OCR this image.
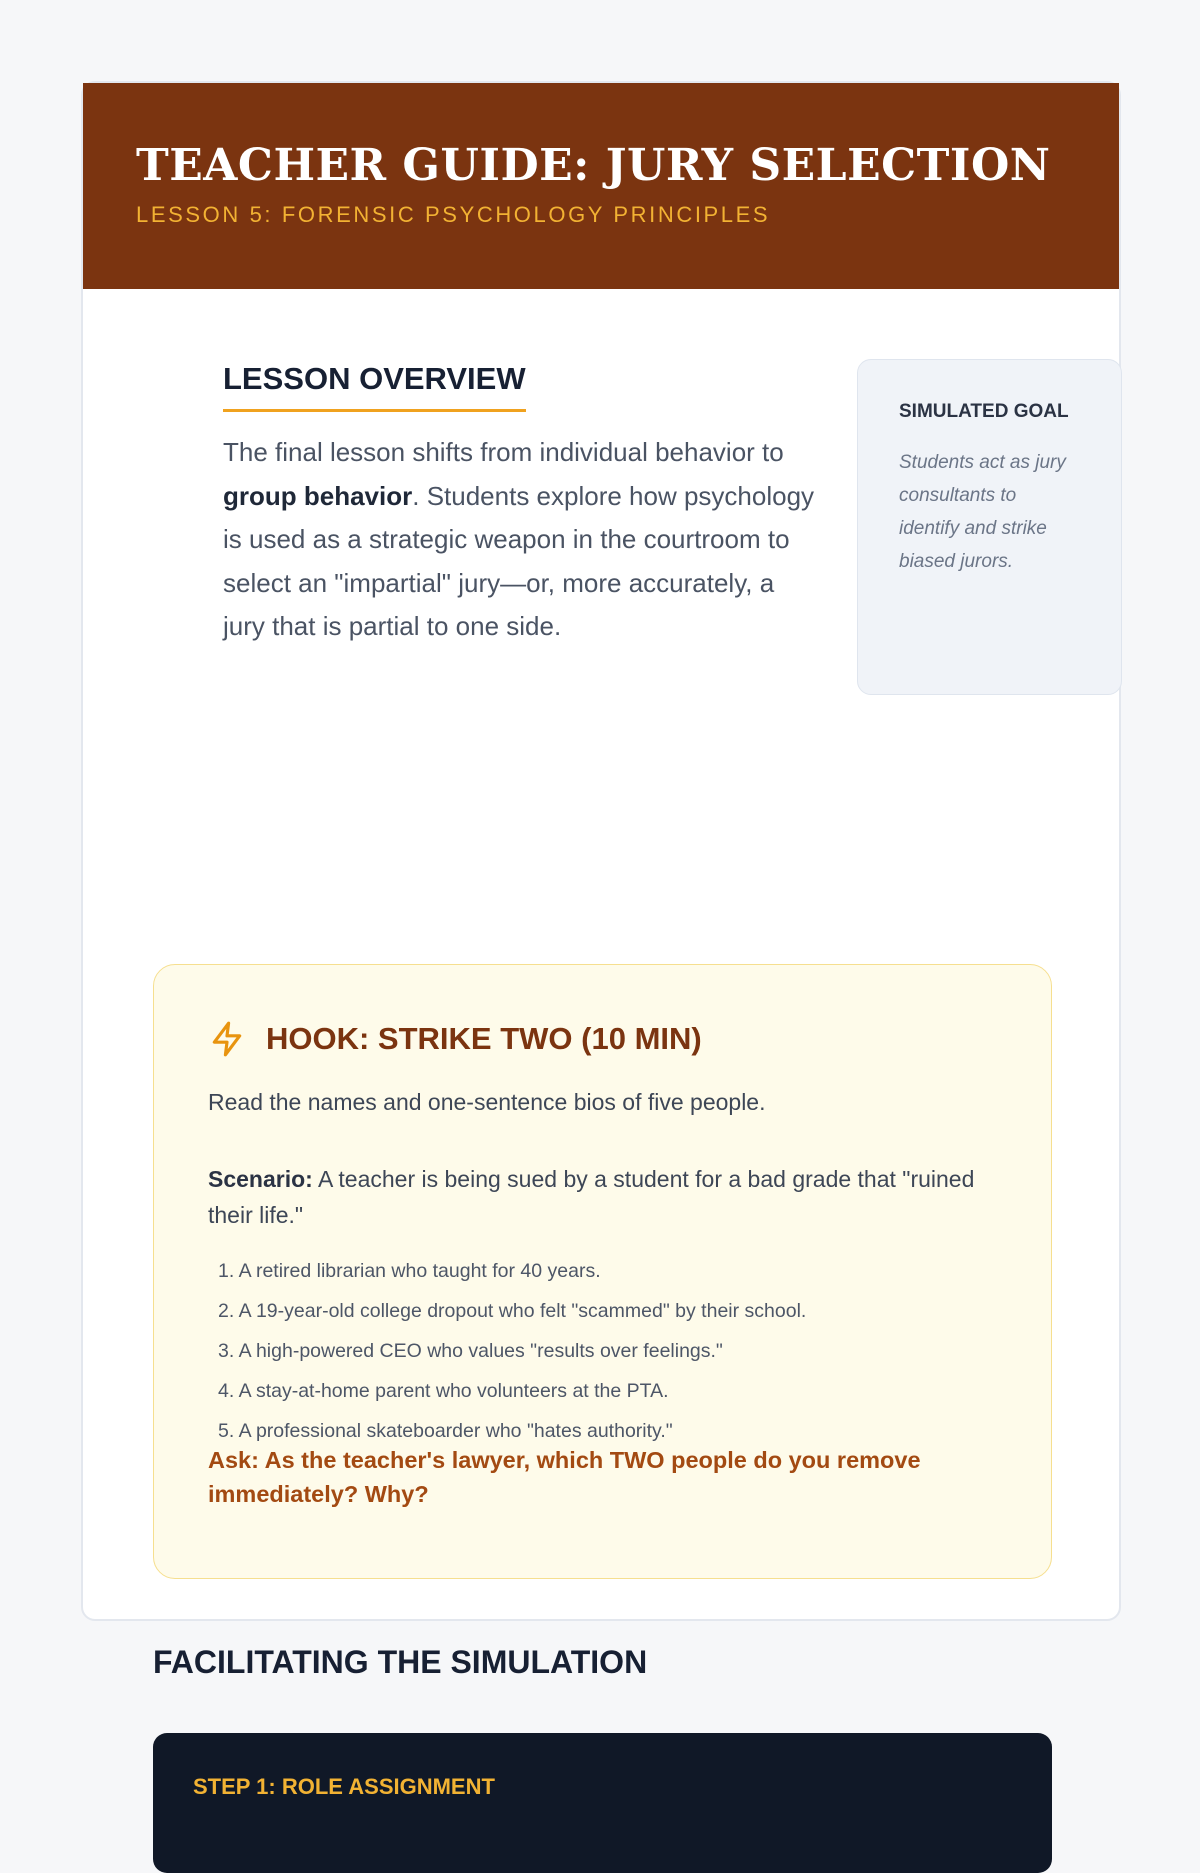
TEACHER GUIDE: JURY SELECTION
LESSON 5: FORENSIC PSYCHOLOGY PRINCIPLES
LESSON OVERVIEW

The final lesson shifts from individual behavior to group behavior. Students explore how psychology is used as a strategic weapon in the courtroom to select an "impartial" jury—or, more accurately, a jury that is partial to one side.

SIMULATED GOAL
Students act as jury consultants to identify and strike biased jurors.
HOOK: STRIKE TWO (10 MIN)

Read the names and one-sentence bios of five people.

Scenario: A teacher is being sued by a student for a bad grade that "ruined their life."

1. A retired librarian who taught for 40 years.
2. A 19-year-old college dropout who felt "scammed" by their school.
3. A high-powered CEO who values "results over feelings."
4. A stay-at-home parent who volunteers at the PTA.
5. A professional skateboarder who "hates authority."

Ask: As the teacher's lawyer, which TWO people do you remove immediately? Why?

FACILITATING THE SIMULATION
STEP 1: ROLE ASSIGNMENT
